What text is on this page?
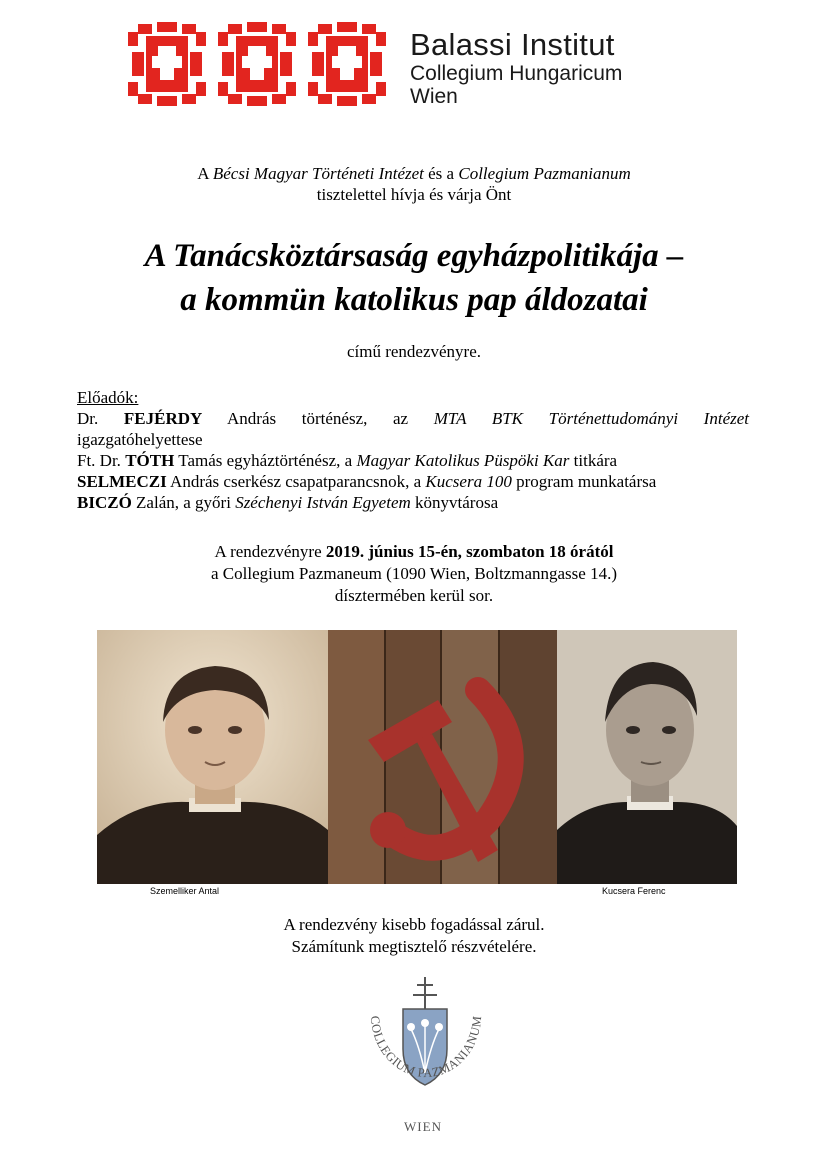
Balassi Institut
Collegium Hungaricum
Wien
A Bécsi Magyar Történeti Intézet és a Collegium Pazmanianum
tisztelettel hívja és várja Önt
A Tanácsköztársaság egyházpolitikája –
a kommün katolikus pap áldozatai
című rendezvényre.
Előadók:
Dr. FEJÉRDY András történész, az MTA BTK Történettudományi Intézet
igazgatóhelyettese
Ft. Dr. TÓTH Tamás egyháztörténész, a Magyar Katolikus Püspöki Kar titkára
SELMECZI András cserkész csapatparancsnok, a Kucsera 100 program munkatársa
BICZÓ Zalán, a győri Széchenyi István Egyetem könyvtárosa
A rendezvényre 2019. június 15-én, szombaton 18 órától
a Collegium Pazmaneum (1090 Wien, Boltzmanngasse 14.)
dísztermében kerül sor.
Szemelliker Antal	Kucsera Ferenc
A rendezvény kisebb fogadással zárul.
Számítunk megtisztelő részvételére.
COLLEGIUM PAZMANIANUM
WIEN
